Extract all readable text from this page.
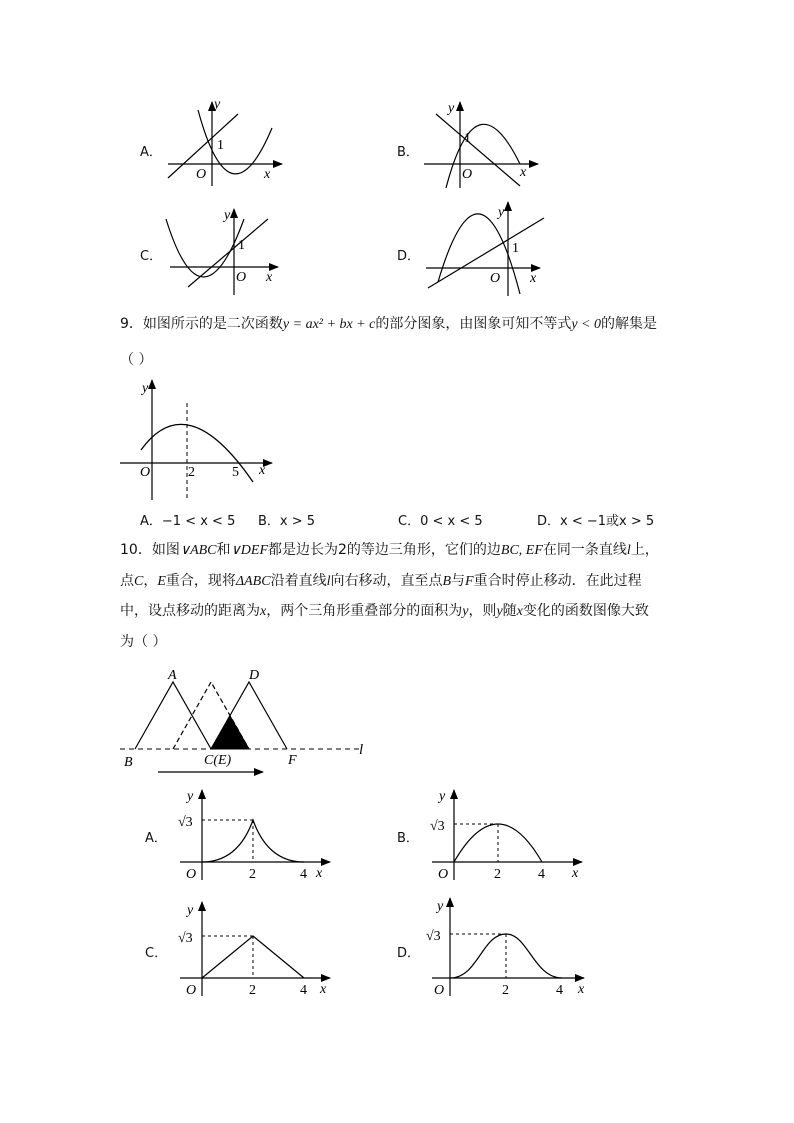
A．
y
x
O
1	B．
y
x
O
1
C．
y
x
O
1
D．
y
x
O
1
9．如图所示的是二次函数y = ax² + bx + c的部分图象，由图象可知不等式y < 0的解集是
（ ）
y
x
O	2	5
A．−1 < x < 5 B．x > 5	C．0 < x < 5	D．x < −1或x > 5
10．如图∨ABC和∨DEF都是边长为2的等边三角形，它们的边BC, EF在同一条直线l上，
点C，E重合，现将ΔABC沿着直线l向右移动，直至点B与F重合时停止移动．在此过程
中，设点移动的距离为x，两个三角形重叠部分的面积为y，则y随x变化的函数图像大致
为（ ）
A	D
B	C(E)	F
l
A．
y
x
O
√3
2	4
B．
y
x
O
√3
2	4
C．
y
x
O
√3
2	4
D．
y
x
O
√3
2	4
